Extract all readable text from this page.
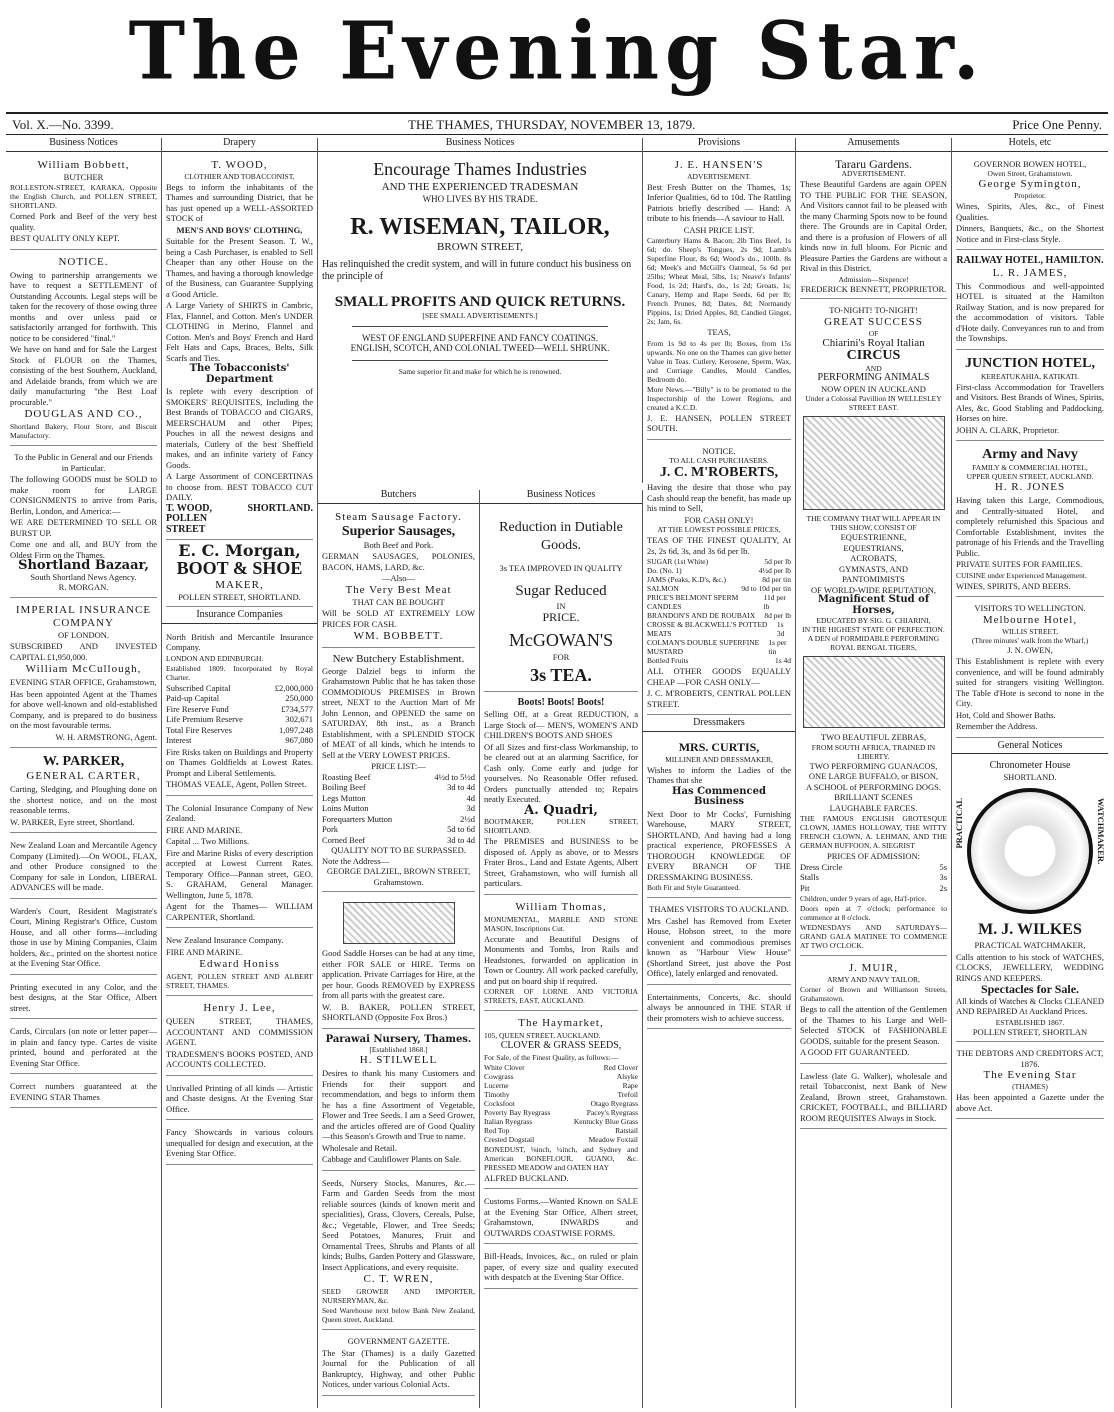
The Evening Star.
Vol. X.—No. 3399.	THE THAMES, THURSDAY, NOVEMBER 13, 1879.	Price One Penny.
Business Notices
William Bobbett,
BUTCHER

ROLLESTON-STREET, KARAKA, Opposite the English Church, and POLLEN STREET, SHORTLAND.

Corned Pork and Beef of the very best quality.

BEST QUALITY ONLY KEPT.

NOTICE.

Owing to partnership arrangements we have to request a SETTLEMENT of Outstanding Accounts. Legal steps will be taken for the recovery of those owing three months and over unless paid or satisfactorily arranged for forthwith. This notice to be considered "final."

We have on hand and for Sale the Largest Stock of FLOUR on the Thames, consisting of the best Southern, Auckland, and Adelaide brands, from which we are daily manufacturing "the Best Loaf procurable."

DOUGLAS AND CO.,

Shortland Bakery, Flour Store, and Biscuit Manufactory.

To the Public in General and our Friends in Particular.

The following GOODS must be SOLD to make room for LARGE CONSIGNMENTS to arrive from Paris, Berlin, London, and America:—

WE ARE DETERMINED TO SELL OR BURST UP.

Come one and all, and BUY from the Oldest Firm on the Thames.

Shortland Bazaar,
South Shortland News Agency.
R. MORGAN.
IMPERIAL INSURANCE COMPANY
OF LONDON.

SUBSCRIBED AND INVESTED CAPITAL £1,950,000.

William McCullough,

EVENING STAR OFFICE, Grahamstown,

Has been appointed Agent at the Thames for above well-known and old-established Company, and is prepared to do business on the most favourable terms.

W. H. ARMSTRONG, Agent.

W. PARKER,
GENERAL CARTER,

Carting, Sledging, and Ploughing done on the shortest notice, and on the most reasonable terms.

W. PARKER, Eyre street, Shortland.

New Zealand Loan and Mercantile Agency Company (Limited).—On WOOL, FLAX, and other Produce consigned to the Company for sale in London, LIBERAL ADVANCES will be made.

Warden's Court, Resident Magistrate's Court, Mining Registrar's Office, Custom House, and all other forms—including those in use by Mining Companies, Claim holders, &c., printed on the shortest notice at the Evening Star Office.

Printing executed in any Color, and the best designs, at the Star Office, Albert street.

Cards, Circulars (on note or letter paper—in plain and fancy type. Cartes de visite printed, bound and perforated at the Evening Star Office.

Correct numbers guaranteed at the EVENING STAR Thames

Drapery
T. WOOD,
CLOTHIER AND TOBACCONIST,

Begs to inform the inhabitants of the Thames and surrounding District, that he has just opened up a WELL-ASSORTED STOCK of

MEN'S AND BOYS' CLOTHING,

Suitable for the Present Season. T. W., being a Cash Purchaser, is enabled to Sell Cheaper than any other House on the Thames, and having a thorough knowledge of the Business, can Guarantee Supplying a Good Article.

A Large Variety of SHIRTS in Cambric, Flax, Flannel, and Cotton. Men's UNDER CLOTHING in Merino, Flannel and Cotton. Men's and Boys' French and Hard Felt Hats and Caps, Braces, Belts, Silk Scarfs and Ties.

The Tobacconists' Department

Is replete with every description of SMOKERS' REQUISITES, Including the Best Brands of TOBACCO and CIGARS, MEERSCHAUM and other Pipes; Pouches in all the newest designs and materials, Cutlery of the best Sheffield makes, and an infinite variety of Fancy Goods.

A Large Assortment of CONCERTINAS to choose from. BEST TOBACCO CUT DAILY.

T. WOOD, POLLEN STREET
SHORTLAND.
E. C. Morgan,
BOOT & SHOE
MAKER,
POLLEN STREET, SHORTLAND.
Insurance Companies

North British and Mercantile Insurance Company.

LONDON AND EDINBURGH.

Established 1809. Incorporated by Royal Charter.

Subscribed Capital	£2,000,000
Paid-up Capital	250,000
Fire Reserve Fund	£734,577
Life Premium Reserve	302,671
Total Fire Reserves	1,097,248
Interest	967,080

Fire Risks taken on Buildings and Property on Thames Goldfields at Lowest Rates. Prompt and Liberal Settlements.

THOMAS VEALE, Agent, Pollen Street.

The Colonial Insurance Company of New Zealand.

FIRE AND MARINE.

Capital ... Two Millions.

Fire and Marine Risks of every description accepted at Lowest Current Rates. Temporary Office—Pannan street, GEO. S. GRAHAM, General Manager. Wellington, June 5, 1878.

Agent for the Thames— WILLIAM CARPENTER, Shortland.

New Zealand Insurance Company.

FIRE AND MARINE.

Edward Honiss

AGENT, POLLEN STREET AND ALBERT STREET, THAMES.

Henry J. Lee,

QUEEN STREET, THAMES, ACCOUNTANT AND COMMISSION AGENT.

TRADESMEN'S BOOKS POSTED, AND ACCOUNTS COLLECTED.

Unrivalled Printing of all kinds — Artistic and Chaste designs. At the Evening Star Office.

Fancy Showcards in various colours unequalled for design and execution, at the Evening Star Office.

Business Notices
Encourage Thames Industries
AND THE EXPERIENCED TRADESMAN
WHO LIVES BY HIS TRADE.
R. WISEMAN, TAILOR,
BROWN STREET,

Has relinquished the credit system, and will in future conduct his business on the principle of

SMALL PROFITS AND QUICK RETURNS.
[SEE SMALL ADVERTISEMENTS.]
WEST OF ENGLAND SUPERFINE AND FANCY COATINGS.
ENGLISH, SCOTCH, AND COLONIAL TWEED—WELL SHRUNK.
Same superior fit and make for which he is renowned.
Butchers
Steam Sausage Factory.
Superior Sausages,
Both Beef and Pork.

GERMAN SAUSAGES, POLONIES, BACON, HAMS, LARD, &c.

—Also—
The Very Best Meat
THAT CAN BE BOUGHT

Will be SOLD AT EXTREMELY LOW PRICES FOR CASH.

WM. BOBBETT.
New Butchery Establishment.

George Dalziel begs to inform the Grahamstown Public that he has taken those COMMODIOUS PREMISES in Brown street, NEXT to the Auction Mart of Mr John Lennon, and OPENED the same on SATURDAY, 8th inst., as a Branch Establishment, with a SPLENDID STOCK of MEAT of all kinds, which he intends to Sell at the VERY LOWEST PRICES.

PRICE LIST:—
Roasting Beef	4½d to 5½d
Boiling Beef	3d to 4d
Legs Mutton	4d
Loins Mutton	3d
Forequarters Mutton	2½d
Pork	5d to 6d
Corned Beef	3d to 4d
QUALITY NOT TO BE SURPASSED.
Note the Address—
GEORGE DALZIEL, BROWN STREET, Grahamstown.

Good Saddle Horses can be had at any time, either FOR SALE or HIRE. Terms on application. Private Carriages for Hire, at the per hour. Goods REMOVED by EXPRESS from all parts with the greatest care.

W. B. BAKER, POLLEN STREET, SHORTLAND (Opposite Fox Bros.)

Parawai Nursery, Thames.
[Established 1868.]
H. STILWELL

Desires to thank his many Customers and Friends for their support and recommendation, and begs to inform them he has a fine Assortment of Vegetable, Flower and Tree Seeds. I am a Seed Grower, and the articles offered are of Good Quality—this Season's Growth and True to name.

Wholesale and Retail.

Cabbage and Cauliflower Plants on Sale.

Seeds, Nursery Stocks, Manures, &c.—Farm and Garden Seeds from the most reliable sources (kinds of known merit and specialities), Grass, Clovers, Cereals, Pulse, &c.; Vegetable, Flower, and Tree Seeds; Seed Potatoes, Manures, Fruit and Ornamental Trees, Shrubs and Plants of all kinds; Bulbs, Garden Pottery and Glassware, Insect Applications, and every requisite.

C. T. WREN,

SEED GROWER AND IMPORTER, NURSERYMAN, &c.

Seed Warehouse next below Bank New Zealand, Queen street, Auckland.

GOVERNMENT GAZETTE.

The Star (Thames) is a daily Gazetted Journal for the Publication of all Bankruptcy, Highway, and other Public Notices, under various Colonial Acts.

Business Notices
Reduction in Dutiable Goods.
3s TEA IMPROVED IN QUALITY
Sugar Reduced
IN
PRICE.
McGOWAN'S
FOR
3s TEA.
Boots! Boots! Boots!

Selling Off, at a Great REDUCTION, a Large Stock of— MEN'S, WOMEN'S AND CHILDREN'S BOOTS AND SHOES

Of all Sizes and first-class Workmanship, to be cleared out at an alarming Sacrifice, for Cash only. Come early and judge for yourselves. No Reasonable Offer refused. Orders punctually attended to; Repairs neatly Executed.

A. Quadri,

BOOTMAKER, POLLEN STREET, SHORTLAND.

The PREMISES and BUSINESS to be disposed of. Apply as above, or to Messrs Frater Bros., Land and Estate Agents, Albert Street, Grahamstown, who will furnish all particulars.

William Thomas,

MONUMENTAL, MARBLE AND STONE MASON, Inscriptions Cut.

Accurate and Beautiful Designs of Monuments and Tombs, Iron Rails and Headstones, forwarded on application in Town or Country. All work packed carefully, and put on board ship if required.

CORNER OF LORNE AND VICTORIA STREETS, EAST, AUCKLAND.

The Haymarket,

105, QUEEN STREET, AUCKLAND.

CLOVER & GRASS SEEDS,

For Sale, of the Finest Quality, as follows:—

White Clover	Red Clover
Cowgrass	Alsyke
Lucerne	Rape
Timothy	Trefoil
Cocksfoot	Otago Ryegrass
Poverty Bay Ryegrass	Pacey's Ryegrass
Italian Ryegrass	Kentucky Blue Grass
Red Top	Ratstail
Crested Dogstail	Meadow Foxtail

BONEDUST, ⅛inch, ¼inch, and Sydney and American BONEFLOUR, GUANO, &c. PRESSED MEADOW and OATEN HAY

ALFRED BUCKLAND.

Customs Forms.—Wanted Known on SALE at the Evening Star Office, Albert street, Grahamstown, INWARDS and OUTWARDS COASTWISE FORMS.

Bill-Heads, Invoices, &c., on ruled or plain paper, of every size and quality executed with despatch at the Evening Star Office.

Provisions
J. E. HANSEN'S
ADVERTISEMENT.

Best Fresh Butter on the Thames, 1s; Inferior Qualities, 6d to 10d. The Rattling Patriots briefly described — Hand: A tribute to his friends—A saviour to Hall.

CASH PRICE LIST.

Canterbury Hams & Bacon; 2lb Tins Beef, 1s 6d; do. Sheep's Tongues, 2s 9d; Lamb's Superfine Flour, 8s 6d; Wood's do., 100lb. 8s 6d; Meek's and McGill's Oatmeal, 5s 6d per 25lbs; Wheat Meal, 5lbs, 1s; Neave's Infants' Food, 1s 2d; Hard's, do., 1s 2d; Groats, 1s; Canary, Hemp and Rape Seeds, 6d per lb; French Prunes, 8d; Dates, 8d; Normandy Pippins, 1s; Dried Apples, 8d; Candied Ginger, 2s; Jam, 6s.

TEAS,

From 1s 9d to 4s per lb; Boxes, from 15s upwards. No one on the Thames can give better Value in Teas. Cutlery, Kerosene, Sperm, Wax, and Curriage Candles, Mould Candles, Bedroom do.

More News.—"Billy" is to be promoted to the Inspectorship of the Lower Regions, and created a K.C.D.

J. E. HANSEN, POLLEN STREET SOUTH.

NOTICE.
TO ALL CASH PURCHASERS.
J. C. M'ROBERTS,

Having the desire that those who pay Cash should reap the benefit, has made up his mind to Sell,

FOR CASH ONLY!
AT THE LOWEST POSSIBLE PRICES,

TEAS OF THE FINEST QUALITY, At 2s, 2s 6d, 3s, and 3s 6d per lb.

SUGAR (1st White)	5d per lb
Do. (No. 1)	4½d per lb
JAMS (Peaks, K.D's, &c.)	8d per tin
SALMON	9d to 10d per tin
PRICE'S BELMONT SPERM CANDLES
11d per lb
BRANDON'S AND DE ROUBAIX 8d per lb
CROSSE & BLACKWELL'S POTTED MEATS
1s 3d
COLMAN'S DOUBLE SUPERFINE MUSTARD
1s per tin
Bottled Fruits	1s 4d

ALL OTHER GOODS EQUALLY CHEAP —FOR CASH ONLY—

J. C. M'ROBERTS, CENTRAL POLLEN STREET.

Dressmakers
MRS. CURTIS,
MILLINER AND DRESSMAKER,

Wishes to inform the Ladies of the Thames that she

Has Commenced Business

Next Door to Mr Cocks', Furnishing Warehouse, MARY STREET, SHORTLAND, And having had a long practical experience, PROFESSES A THOROUGH KNOWLEDGE OF EVERY BRANCH OF THE DRESSMAKING BUSINESS.

Both Fit and Style Guaranteed.

THAMES VISITORS TO AUCKLAND.

Mrs Cashel has Removed from Exeter House, Hobson street, to the more convenient and commodious premises known as "Harbour View House" (Shortland Street, just above the Post Office), lately enlarged and renovated.

Entertainments, Concerts, &c. should always be announced in THE STAR if their promoters wish to achieve success.

Amusements
Tararu Gardens.
ADVERTISEMENT.

These Beautiful Gardens are again OPEN TO THE PUBLIC FOR THE SEASON, And Visitors cannot fail to be pleased with the many Charming Spots now to be found there. The Grounds are in Capital Order, and there is a profusion of Flowers of all kinds now in full bloom. For Picnic and Pleasure Parties the Gardens are without a Rival in this District.

Admission—Sixpence!
FREDERICK BENNETT, PROPRIETOR.
TO-NIGHT! TO-NIGHT!
GREAT SUCCESS
OF
Chiarini's Royal Italian
CIRCUS
AND
PERFORMING ANIMALS
NOW OPEN IN AUCKLAND
Under a Colossal Pavillion IN WELLESLEY STREET EAST.
THE COMPANY THAT WILL APPEAR IN THIS SHOW, CONSIST OF
EQUESTRIENNE,
EQUESTRIANS,
ACROBATS,
GYMNASTS, AND
PANTOMIMISTS
OF WORLD-WIDE REPUTATION,
Magnificent Stud of Horses,
EDUCATED BY SIG. G. CHIARINI,
IN THE HIGHEST STATE OF PERFECTION.
A DEN of FORMIDABLE PERFORMING ROYAL BENGAL TIGERS,
TWO BEAUTIFUL ZEBRAS,
FROM SOUTH AFRICA, TRAINED IN LIBERTY.
TWO PERFORMING GUANACOS,
ONE LARGE BUFFALO, or BISON,
A SCHOOL of PERFORMING DOGS.
BRILLIANT SCENES
LAUGHABLE FARCES.

THE FAMOUS ENGLISH GROTESQUE CLOWN, JAMES HOLLOWAY, THE WITTY FRENCH CLOWN, A. LEHMAN, AND THE GERMAN BUFFOON, A. SIEGRIST

PRICES OF ADMISSION:
Dress Circle	5s
Stalls	3s
Pit	2s

Children, under 9 years of age, Ha'f-price.

Doors open at 7 o'clock; performance to commence at 8 o'clock.

WEDNESDAYS AND SATURDAYS— GRAND GALA MATINEE TO COMMENCE AT TWO O'CLOCK.

J. MUIR,
ARMY AND NAVY TAILOR,

Corner of Brown and Williamson Streets, Grahamstown.

Begs to call the attention of the Gentlemen of the Thames to his Large and Well-Selected STOCK of FASHIONABLE GOODS, suitable for the present Season.

A GOOD FIT GUARANTEED.

Lawless (late G. Walker), wholesale and retail Tobacconist, next Bank of New Zealand, Brown street, Grahamstown. CRICKET, FOOTBALL, and BILLIARD ROOM REQUISITES Always in Stock.

Hotels, etc
GOVERNOR BOWEN HOTEL,
Owen Street, Grahamstown.
George Symington,
Proprietor.

Wines, Spirits, Ales, &c., of Finest Qualities.

Dinners, Banquets, &c., on the Shortest Notice and in First-class Style.

RAILWAY HOTEL, HAMILTON.
L. R. JAMES,

This Commodious and well-appointed HOTEL is situated at the Hamilton Railway Station, and is now prepared for the accommodation of visitors. Table d'Hote daily. Conveyances run to and from the Townships.

JUNCTION HOTEL,
KEREATUKAHIA, KATIKATI.

First-class Accommodation for Travellers and Visitors. Best Brands of Wines, Spirits, Ales, &c. Good Stabling and Paddocking. Horses on hire.

JOHN A. CLARK, Proprietor.

Army and Navy
FAMILY & COMMERCIAL HOTEL,
UPPER QUEEN STREET, AUCKLAND.
H. R. JONES

Having taken this Large, Commodious, and Centrally-situated Hotel, and completely refurnished this Spacious and Comfortable Establishment, invites the patronage of his Friends and the Travelling Public.

PRIVATE SUITES FOR FAMILIES.

CUISINE under Experienced Management.

WINES, SPIRITS, AND BEERS.

VISITORS TO WELLINGTON.
Melbourne Hotel,
WILLIS STREET,
(Three minutes' walk from the Wharf,)
J. N. OWEN,

This Establishment is replete with every convenience, and will be found admirably suited for strangers visiting Wellington. The Table d'Hote is second to none in the City.

Hot, Cold and Shower Baths.

Remember the Address.

General Notices
Chronometer House
SHORTLAND.
PRACTICAL	WATCHMAKER.
M. J. WILKES
PRACTICAL WATCHMAKER,

Calls attention to his stock of WATCHES, CLOCKS, JEWELLERY, WEDDING RINGS AND KEEPERS.

Spectacles for Sale.

All kinds of Watches & Clocks CLEANED AND REPAIRED At Auckland Prices.

ESTABLISHED 1867.
POLLEN STREET, SHORTLAN
THE DEBTORS AND CREDITORS ACT, 1876.
The Evening Star
(THAMES)

Has been appointed a Gazette under the above Act.
